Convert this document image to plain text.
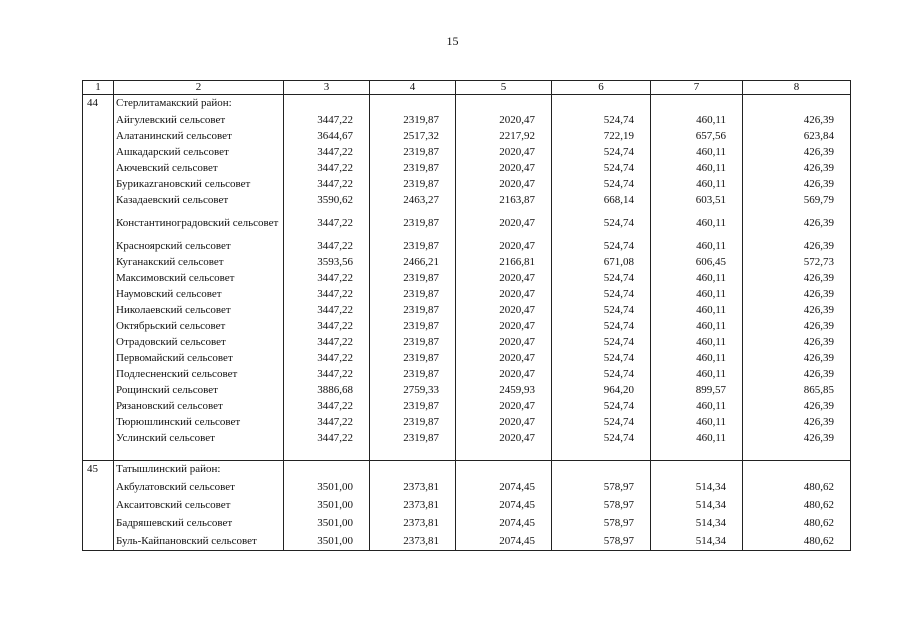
15
1	2	3	4	5	6	7	8
44	Стерлитамакский район:						
	Айгулевский сельсовет	3447,22	2319,87	2020,47	524,74	460,11	426,39
	Алатанинский сельсовет	3644,67	2517,32	2217,92	722,19	657,56	623,84
	Ашкадарский сельсовет	3447,22	2319,87	2020,47	524,74	460,11	426,39
	Аючевский сельсовет	3447,22	2319,87	2020,47	524,74	460,11	426,39
	Бурикazгановский сельсовет	3447,22	2319,87	2020,47	524,74	460,11	426,39
	Казадаевский сельсовет	3590,62	2463,27	2163,87	668,14	603,51	569,79
	Константиноградовский сельсовет	3447,22	2319,87	2020,47	524,74	460,11	426,39
	Красноярский сельсовет	3447,22	2319,87	2020,47	524,74	460,11	426,39
	Куганакский сельсовет	3593,56	2466,21	2166,81	671,08	606,45	572,73
	Максимовский сельсовет	3447,22	2319,87	2020,47	524,74	460,11	426,39
	Наумовский сельсовет	3447,22	2319,87	2020,47	524,74	460,11	426,39
	Николаевский сельсовет	3447,22	2319,87	2020,47	524,74	460,11	426,39
	Октябрьский сельсовет	3447,22	2319,87	2020,47	524,74	460,11	426,39
	Отрадовский сельсовет	3447,22	2319,87	2020,47	524,74	460,11	426,39
	Первомайский сельсовет	3447,22	2319,87	2020,47	524,74	460,11	426,39
	Подлесненский сельсовет	3447,22	2319,87	2020,47	524,74	460,11	426,39
	Рощинский сельсовет	3886,68	2759,33	2459,93	964,20	899,57	865,85
	Рязановский сельсовет	3447,22	2319,87	2020,47	524,74	460,11	426,39
	Тюрюшлинский сельсовет	3447,22	2319,87	2020,47	524,74	460,11	426,39
	Услинский сельсовет	3447,22	2319,87	2020,47	524,74	460,11	426,39

45	Татышлинский район:						
	Акбулатовский сельсовет	3501,00	2373,81	2074,45	578,97	514,34	480,62
	Аксаитовский сельсовет	3501,00	2373,81	2074,45	578,97	514,34	480,62
	Бадряшевский сельсовет	3501,00	2373,81	2074,45	578,97	514,34	480,62
	Буль-Кайпановский сельсовет	3501,00	2373,81	2074,45	578,97	514,34	480,62
